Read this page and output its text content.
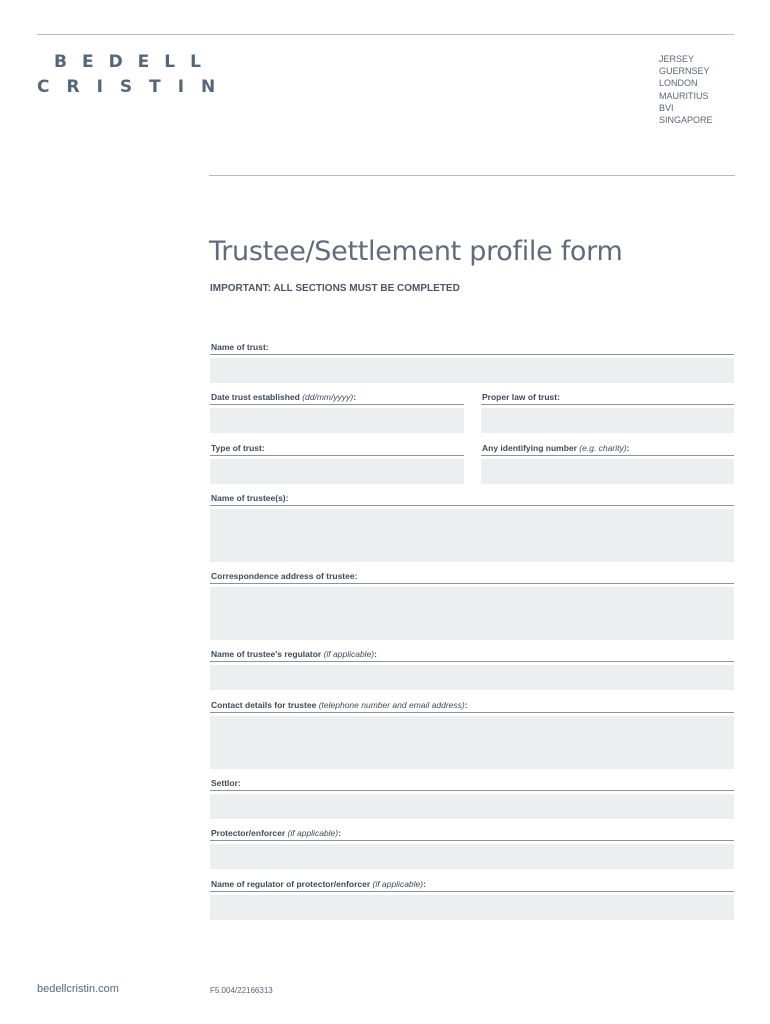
BEDELL
CRISTIN
JERSEY
GUERNSEY
LONDON
MAURITIUS
BVI
SINGAPORE
Trustee/Settlement profile form
IMPORTANT: ALL SECTIONS MUST BE COMPLETED
Name of trust:
Date trust established (dd/mm/yyyy):	Proper law of trust:
Type of trust:	Any identifying number (e.g. charity):
Name of trustee(s):
Correspondence address of trustee:
Name of trustee's regulator (if applicable):
Contact details for trustee (telephone number and email address):
Settlor:
Protector/enforcer (if applicable):
Name of regulator of protector/enforcer (if applicable):
bedellcristin.com	F5.004/22166313
